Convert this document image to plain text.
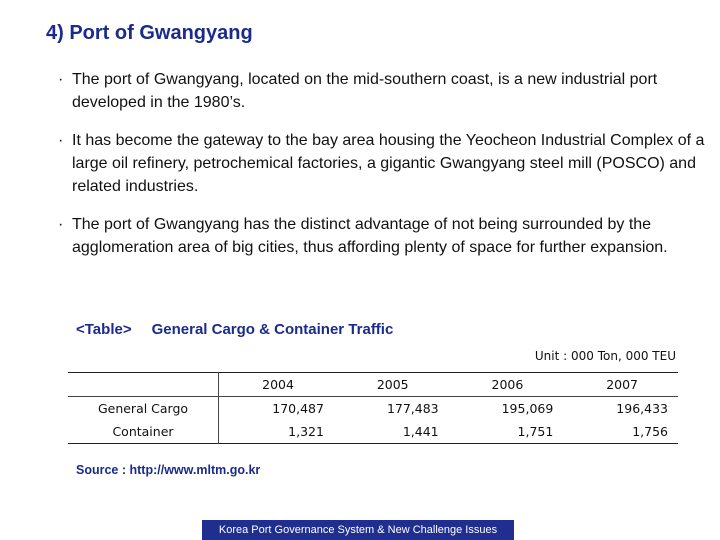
4) Port of Gwangyang
· The port of Gwangyang, located on the mid-southern coast, is a new industrial port developed in the 1980’s.
· It has become the gateway to the bay area housing the Yeocheon Industrial Complex of a large oil refinery, petrochemical factories, a gigantic Gwangyang steel mill (POSCO) and related industries.
· The port of Gwangyang has the distinct advantage of not being surrounded by the agglomeration area of big cities, thus affording plenty of space for further expansion.
<Table> General Cargo & Container Traffic
Unit : 000 Ton, 000 TEU
	2004	2005	2006	2007
General Cargo	170,487	177,483	195,069	196,433
Container	1,321	1,441	1,751	1,756
Source : http://www.mltm.go.kr
Korea Port Governance System & New Challenge Issues
